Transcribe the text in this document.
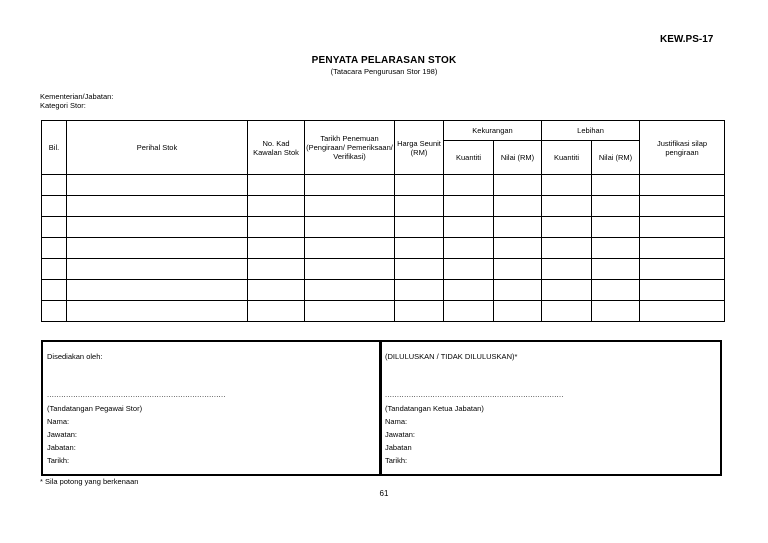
KEW.PS-17
PENYATA PELARASAN STOK
(Tatacara Pengurusan Stor 198)
Kementerian/Jabatan:
Kategori Stor:
Bil.	Perihal Stok	No. Kad Kawalan Stok	Tarikh Penemuan (Pengiraan/ Pemeriksaan/ Verifikasi)	Harga Seunit (RM)	Kekurangan		Lebihan		Justifikasi silap pengiraan
					Kuantiti	Nilai (RM)	Kuantiti	Nilai (RM)	

Disediakan oleh:
...........................................................................
(Tandatangan Pegawai Stor)
Nama:
Jawatan:
Jabatan:
Tarikh:
(DILULUSKAN / TIDAK DILULUSKAN)*
...........................................................................
(Tandatangan Ketua Jabatan)
Nama:
Jawatan:
Jabatan
Tarikh:
* Sila potong yang berkenaan
61
